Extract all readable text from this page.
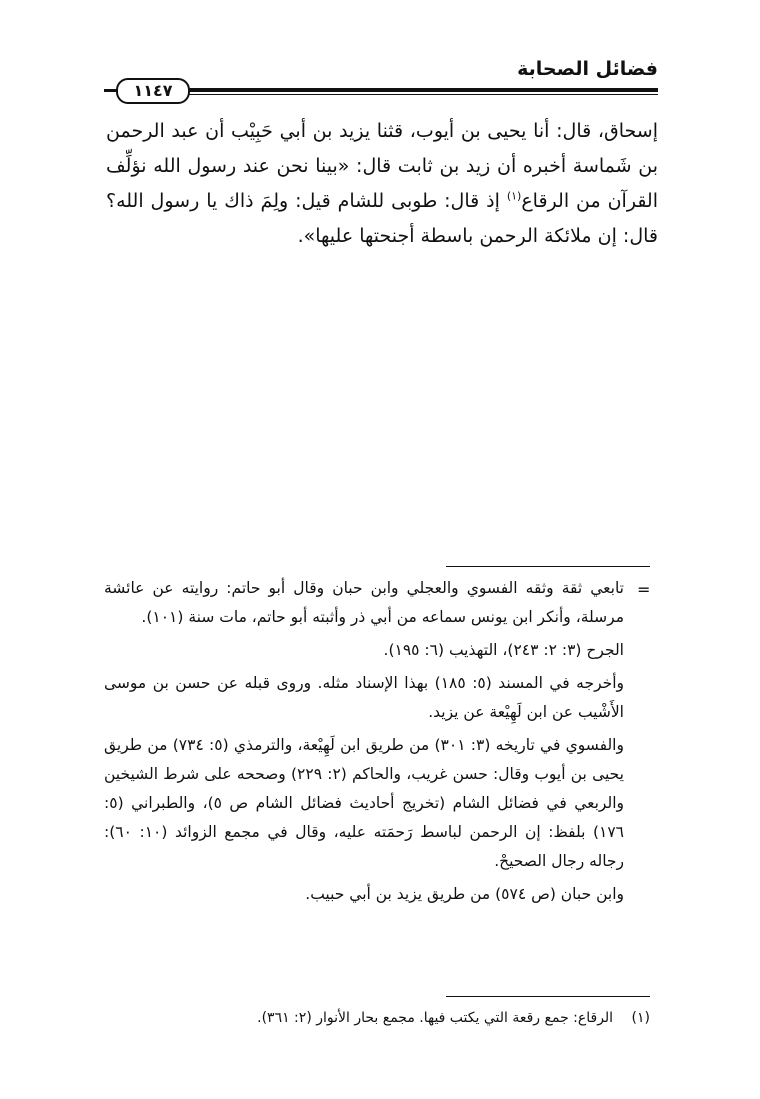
فضائل الصحابة
١١٤٧

إسحاق، قال: أنا يحيى بن أيوب، قثنا يزيد بن أبي حَبِيْب أن عبد الرحمن بن شَماسة أخبره أن زيد بن ثابت قال: «بينا نحن عند رسول الله نؤلِّف القرآن من الرقاع$^{(١)}$ إذ قال: طوبى للشام قيل: ولِمَ ذاك يا رسول الله؟ قال: إن ملائكة الرحمن باسطة أجنحتها عليها».

=

تابعي ثقة وثقه الفسوي والعجلي وابن حبان وقال أبو حاتم: روايته عن عائشة مرسلة، وأنكر ابن يونس سماعه من أبي ذر وأثبته أبو حاتم، مات سنة (١٠١).

الجرح (٣: ٢: ٢٤٣)، التهذيب (٦: ١٩٥).

وأخرجه في المسند (٥: ١٨٥) بهذا الإسناد مثله. وروى قبله عن حسن بن موسى الأَشْيب عن ابن لَهِيْعة عن يزيد.

والفسوي في تاريخه (٣: ٣٠١) من طريق ابن لَهِيْعة، والترمذي (٥: ٧٣٤) من طريق يحيى بن أيوب وقال: حسن غريب، والحاكم (٢: ٢٢٩) وصححه على شرط الشيخين والربعي في فضائل الشام (تخريج أحاديث فضائل الشام ص ٥)، والطبراني (٥: ١٧٦) بلفظ: إن الرحمن لباسط رَحمَته عليه، وقال في مجمع الزوائد (١٠: ٦٠): رجاله رجال الصحيحْ.

وابن حبان (ص ٥٧٤) من طريق يزيد بن أبي حبيب.

(١) الرقاع: جمع رقعة التي يكتب فيها. مجمع بحار الأنوار (٢: ٣٦١).
